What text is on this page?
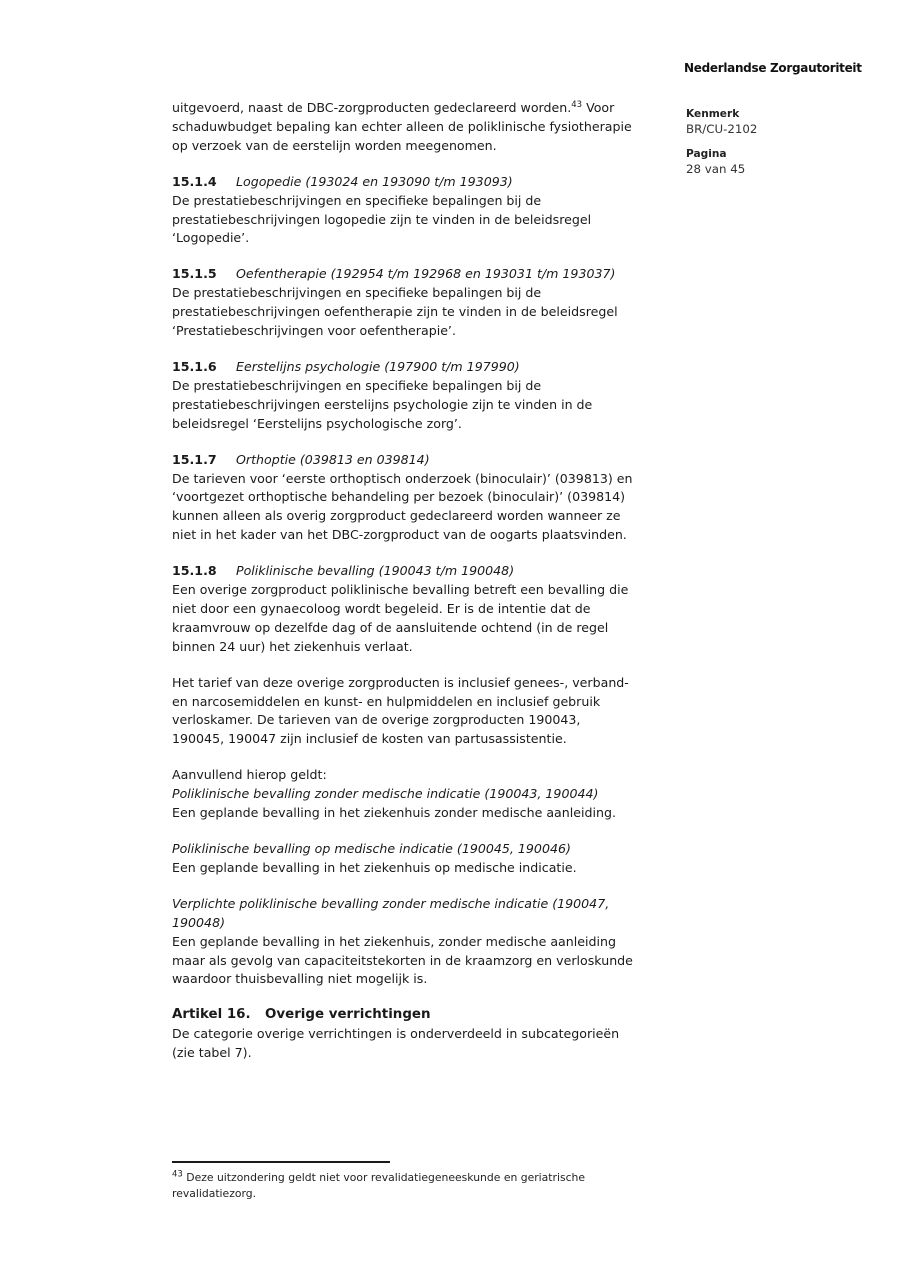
Nederlandse Zorgautoriteit
Kenmerk
BR/CU-2102
Pagina
28 van 45
uitgevoerd, naast de DBC-zorgproducten gedeclareerd worden.$^{43}$ Voor
schaduwbudget bepaling kan echter alleen de poliklinische fysiotherapie
op verzoek van de eerstelijn worden meegenomen.
15.1.4 Logopedie (193024 en 193090 t/m 193093)
De prestatiebeschrijvingen en specifieke bepalingen bij de
prestatiebeschrijvingen logopedie zijn te vinden in de beleidsregel
‘Logopedie’.
15.1.5 Oefentherapie (192954 t/m 192968 en 193031 t/m 193037)
De prestatiebeschrijvingen en specifieke bepalingen bij de
prestatiebeschrijvingen oefentherapie zijn te vinden in de beleidsregel
‘Prestatiebeschrijvingen voor oefentherapie’.
15.1.6 Eerstelijns psychologie (197900 t/m 197990)
De prestatiebeschrijvingen en specifieke bepalingen bij de
prestatiebeschrijvingen eerstelijns psychologie zijn te vinden in de
beleidsregel ‘Eerstelijns psychologische zorg’.
15.1.7 Orthoptie (039813 en 039814)
De tarieven voor ‘eerste orthoptisch onderzoek (binoculair)’ (039813) en
‘voortgezet orthoptische behandeling per bezoek (binoculair)’ (039814)
kunnen alleen als overig zorgproduct gedeclareerd worden wanneer ze
niet in het kader van het DBC-zorgproduct van de oogarts plaatsvinden.
15.1.8 Poliklinische bevalling (190043 t/m 190048)
Een overige zorgproduct poliklinische bevalling betreft een bevalling die
niet door een gynaecoloog wordt begeleid. Er is de intentie dat de
kraamvrouw op dezelfde dag of de aansluitende ochtend (in de regel
binnen 24 uur) het ziekenhuis verlaat.
Het tarief van deze overige zorgproducten is inclusief genees-, verband-
en narcosemiddelen en kunst- en hulpmiddelen en inclusief gebruik
verloskamer. De tarieven van de overige zorgproducten 190043,
190045, 190047 zijn inclusief de kosten van partusassistentie.
Aanvullend hierop geldt:
Poliklinische bevalling zonder medische indicatie (190043, 190044)
Een geplande bevalling in het ziekenhuis zonder medische aanleiding.
Poliklinische bevalling op medische indicatie (190045, 190046)
Een geplande bevalling in het ziekenhuis op medische indicatie.
Verplichte poliklinische bevalling zonder medische indicatie (190047,
190048)
Een geplande bevalling in het ziekenhuis, zonder medische aanleiding
maar als gevolg van capaciteitstekorten in de kraamzorg en verloskunde
waardoor thuisbevalling niet mogelijk is.
Artikel 16. Overige verrichtingen
De categorie overige verrichtingen is onderverdeeld in subcategorieën
(zie tabel 7).
$^{43}$ Deze uitzondering geldt niet voor revalidatiegeneeskunde en geriatrische
revalidatiezorg.
